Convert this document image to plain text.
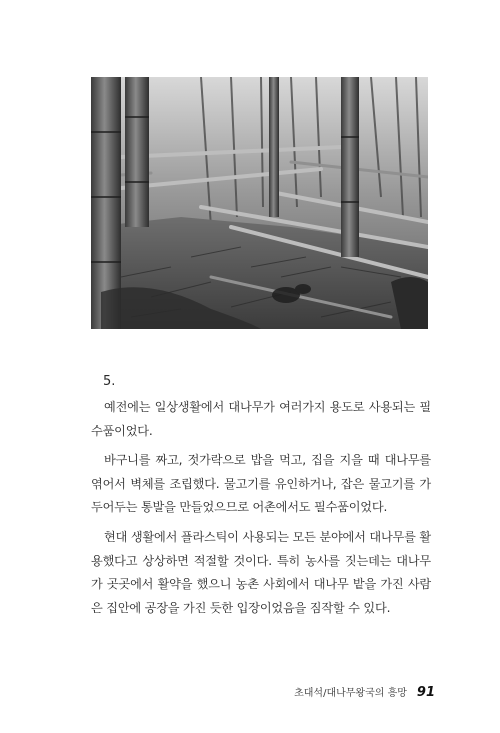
5.

예전에는 일상생활에서 대나무가 여러가지 용도로 사용되는 필수품이었다.

바구니를 짜고, 젓가락으로 밥을 먹고, 집을 지을 때 대나무를 엮어서 벽체를 조립했다. 물고기를 유인하거나, 잡은 물고기를 가두어두는 통발을 만들었으므로 어촌에서도 필수품이었다.

현대 생활에서 플라스틱이 사용되는 모든 분야에서 대나무를 활용했다고 상상하면 적절할 것이다. 특히 농사를 짓는데는 대나무가 곳곳에서 활약을 했으니 농촌 사회에서 대나무 밭을 가진 사람은 집안에 공장을 가진 듯한 입장이었음을 짐작할 수 있다.

초대석/대나무왕국의 흥망 91
